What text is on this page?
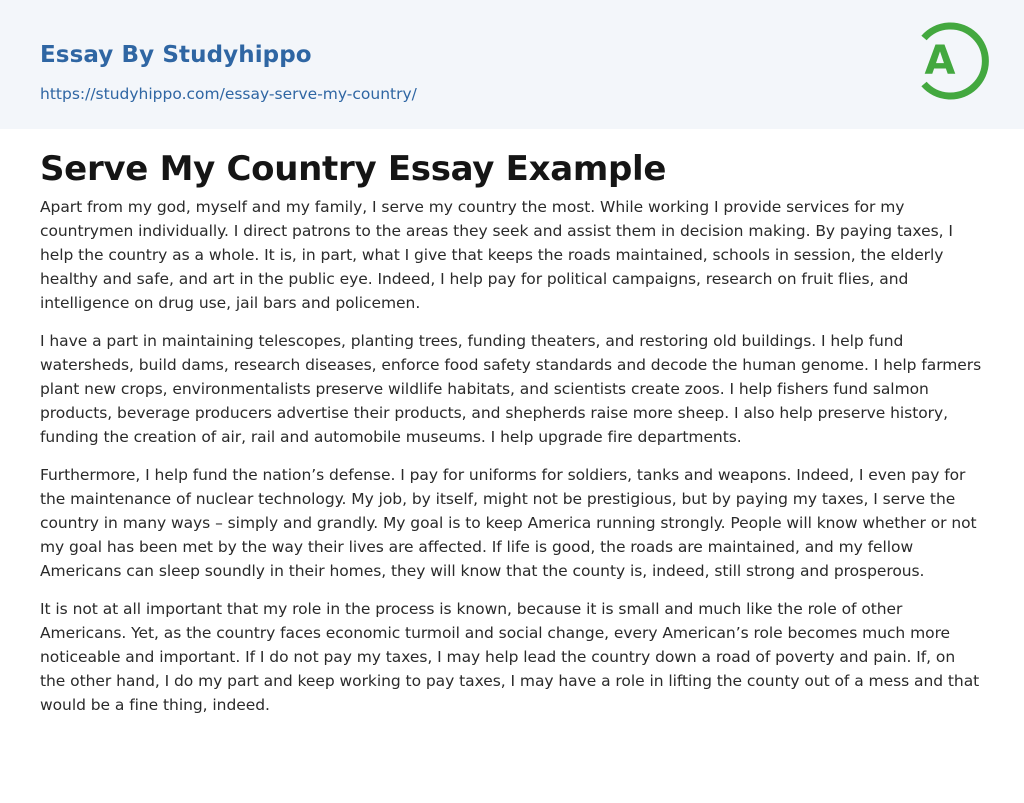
Essay By Studyhippo
https://studyhippo.com/essay-serve-my-country/
A
Serve My Country Essay Example

Apart from my god, myself and my family, I serve my country the most. While working I provide services for my countrymen individually. I direct patrons to the areas they seek and assist them in decision making. By paying taxes, I help the country as a whole. It is, in part, what I give that keeps the roads maintained, schools in session, the elderly healthy and safe, and art in the public eye. Indeed, I help pay for political campaigns, research on fruit flies, and intelligence on drug use, jail bars and policemen.

I have a part in maintaining telescopes, planting trees, funding theaters, and restoring old buildings. I help fund watersheds, build dams, research diseases, enforce food safety standards and decode the human genome. I help farmers plant new crops, environmentalists preserve wildlife habitats, and scientists create zoos. I help fishers fund salmon products, beverage producers advertise their products, and shepherds raise more sheep. I also help preserve history, funding the creation of air, rail and automobile museums. I help upgrade fire departments.

Furthermore, I help fund the nation’s defense. I pay for uniforms for soldiers, tanks and weapons. Indeed, I even pay for the maintenance of nuclear technology. My job, by itself, might not be prestigious, but by paying my taxes, I serve the country in many ways – simply and grandly. My goal is to keep America running strongly. People will know whether or not my goal has been met by the way their lives are affected. If life is good, the roads are maintained, and my fellow Americans can sleep soundly in their homes, they will know that the county is, indeed, still strong and prosperous.

It is not at all important that my role in the process is known, because it is small and much like the role of other Americans. Yet, as the country faces economic turmoil and social change, every American’s role becomes much more noticeable and important. If I do not pay my taxes, I may help lead the country down a road of poverty and pain. If, on the other hand, I do my part and keep working to pay taxes, I may have a role in lifting the county out of a mess and that would be a fine thing, indeed.
